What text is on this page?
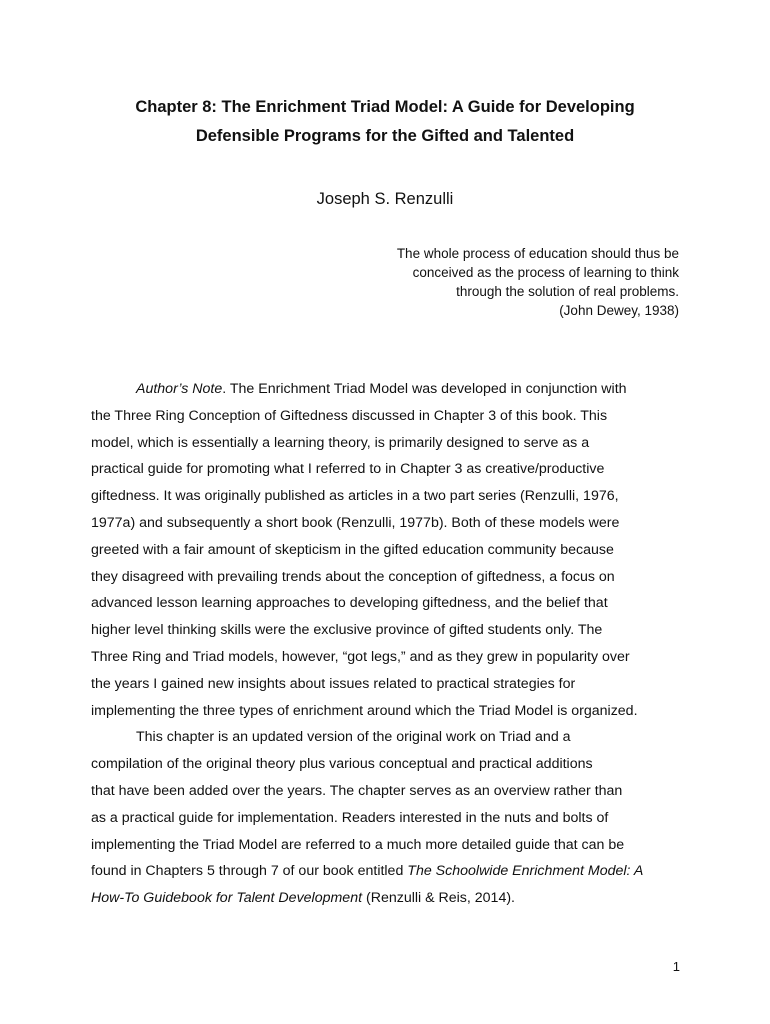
Chapter 8: The Enrichment Triad Model: A Guide for Developing
Defensible Programs for the Gifted and Talented

Joseph S. Renzulli

The whole process of education should thus be
conceived as the process of learning to think
through the solution of real problems.
(John Dewey, 1938)
Author’s Note. The Enrichment Triad Model was developed in conjunction with
the Three Ring Conception of Giftedness discussed in Chapter 3 of this book. This
model, which is essentially a learning theory, is primarily designed to serve as a
practical guide for promoting what I referred to in Chapter 3 as creative/productive
giftedness. It was originally published as articles in a two part series (Renzulli, 1976,
1977a) and subsequently a short book (Renzulli, 1977b). Both of these models were
greeted with a fair amount of skepticism in the gifted education community because
they disagreed with prevailing trends about the conception of giftedness, a focus on
advanced lesson learning approaches to developing giftedness, and the belief that
higher level thinking skills were the exclusive province of gifted students only. The
Three Ring and Triad models, however, “got legs,” and as they grew in popularity over
the years I gained new insights about issues related to practical strategies for
implementing the three types of enrichment around which the Triad Model is organized.
This chapter is an updated version of the original work on Triad and a
compilation of the original theory plus various conceptual and practical additions
that have been added over the years. The chapter serves as an overview rather than
as a practical guide for implementation. Readers interested in the nuts and bolts of
implementing the Triad Model are referred to a much more detailed guide that can be
found in Chapters 5 through 7 of our book entitled The Schoolwide Enrichment Model: A
How-To Guidebook for Talent Development (Renzulli & Reis, 2014).

1
